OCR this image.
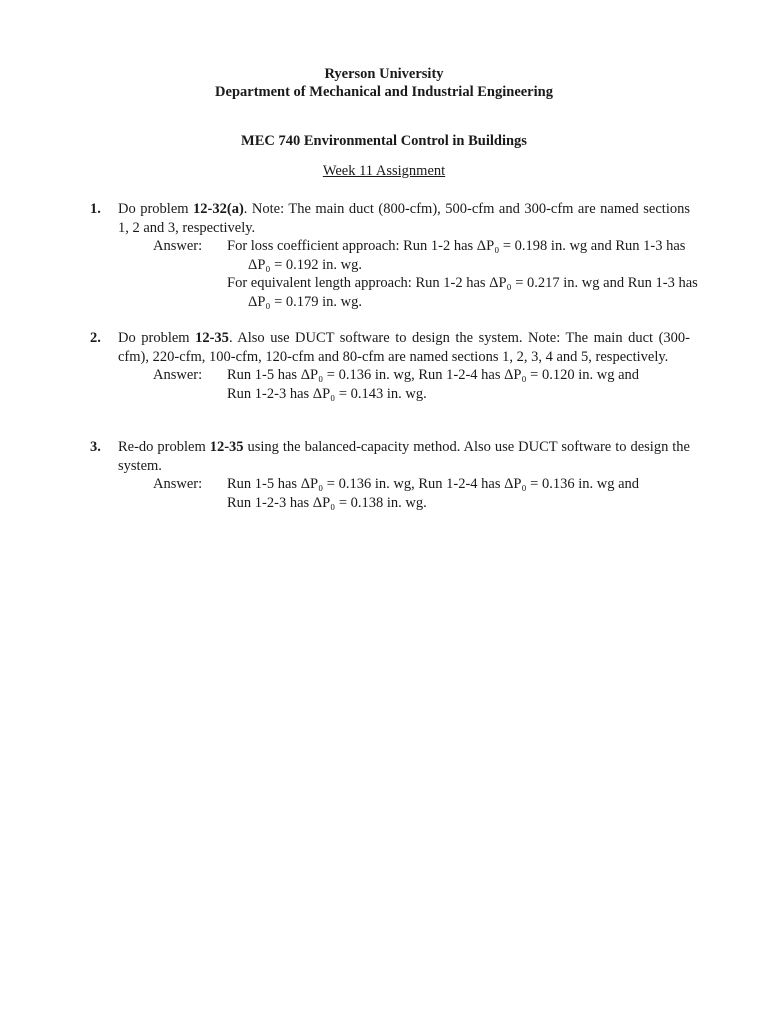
Ryerson University
Department of Mechanical and Industrial Engineering
MEC 740 Environmental Control in Buildings
Week 11 Assignment
1. Do problem 12-32(a). Note: The main duct (800-cfm), 500-cfm and 300-cfm are named sections 1, 2 and 3, respectively.
Answer: For loss coefficient approach: Run 1-2 has ΔP₀ = 0.198 in. wg and Run 1-3 has
ΔP₀ = 0.192 in. wg.
For equivalent length approach: Run 1-2 has ΔP₀ = 0.217 in. wg and Run 1-3 has
ΔP₀ = 0.179 in. wg.
2. Do problem 12-35. Also use DUCT software to design the system. Note: The main duct (300-cfm), 220-cfm, 100-cfm, 120-cfm and 80-cfm are named sections 1, 2, 3, 4 and 5, respectively.
Answer: Run 1-5 has ΔP₀ = 0.136 in. wg, Run 1-2-4 has ΔP₀ = 0.120 in. wg and
Run 1-2-3 has ΔP₀ = 0.143 in. wg.
3. Re-do problem 12-35 using the balanced-capacity method. Also use DUCT software to design the system.
Answer: Run 1-5 has ΔP₀ = 0.136 in. wg, Run 1-2-4 has ΔP₀ = 0.136 in. wg and
Run 1-2-3 has ΔP₀ = 0.138 in. wg.
